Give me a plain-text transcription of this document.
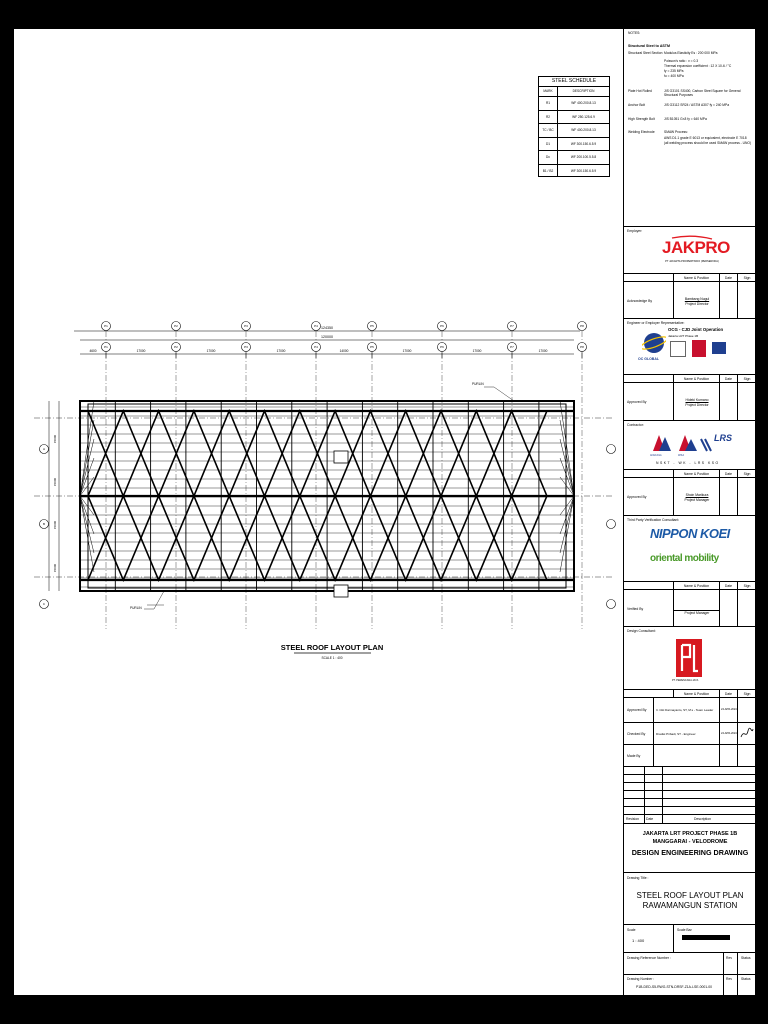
STEEL SCHEDULE
MARK	DESCRIPTION
R1	WF 400.200.8.13
R2	WF 250.125.6.9
TC / BC	WF 400.200.8.13
D1	WF 300.150.6.5.9
Dc	WF 200.100.5.5.8
B1 / B2	WF 300.150.6.5.9
P1
P1
P2
P2
P3
P3
P4
P4
P5
P5
P6
P6
P7
P7
P8
P8
4600	17000	17000	17000	14000	17000	17000	17000
A
B
C
15000
15000
15000
15000
STEEL ROOF LAYOUT PLAN
SCALE 1 : 400
124350
120000
PURLIN
PURLIN
NOTES:
Structural Steel to ASTM
Structural Steel Section Modulus Elasticity Es : 200 000 MPa
Poisson's ratio : v = 0.3
Thermal expansion coefficient : 12 X 10-6 / °C
fy = 235 MPa
fu = 400 MPa
Plate Hot Rolled	JIS G3101 SS400, Carbon Steel Square for General Structural Purposes
Anchor Bolt	JIS G3112 SR24 / ASTM A307 fy = 240 MPa
High Strength Bolt	JIS B1051 Gr.8 fy = 640 MPa
Welding Electrode	SMAW Process:
AWS D1.1 grade E 6013 or equivalent, electrode E 7018
(all welding process should be used SMAW process - UNO)
Employer:
JAKPRO
PT JAKARTA PROPERTINDO (PERSERODA)
Name & Position	Date	Sign
Acknowledge By	Bambang Nugul
Project Director
Engineer or Employer Representative:
OC GLOBAL
OCG - CJD Joint Operation
Jakarta LRT Phase 1B
Name & Position	Date	Sign
Approved By	Hideki Kumano
Project Director
Contractor:
ANGKASA	WIKA
LRS
NSKT - WK - LRS KSO
Name & Position	Date	Sign
Approved By	Shoin Marikura
Project Manager
Third Party Verification Consultant:
NIPPON KOEI
oriental mobility
Name & Position	Date	Sign
Verified By
Project Manager
Design Consultant:
PT. PERENCANA JAYA
Name & Position	Date	Sign
Approved By	Ir. Ciki Darmayanto, ST, M.s - Team Leader	24-APR-2024
Checked By	Dradwi Pribadi, ST - Engineer	24-APR-2024
Made By
Revision Date	Description
JAKARTA LRT PROJECT PHASE 1B
MANGGARAI - VELODROME
DESIGN ENGINEERING DRAWING
Drawing Title :
STEEL ROOF LAYOUT PLAN
RAWAMANGUN STATION
Scale
1 : 400
Scale Bar
Drawing Reference Number :	Rev	Status
Drawing Number :
P1B-DED-S5-RWG-STN-DRSF-Z1A-LSE-0001-00
Rev	Status
